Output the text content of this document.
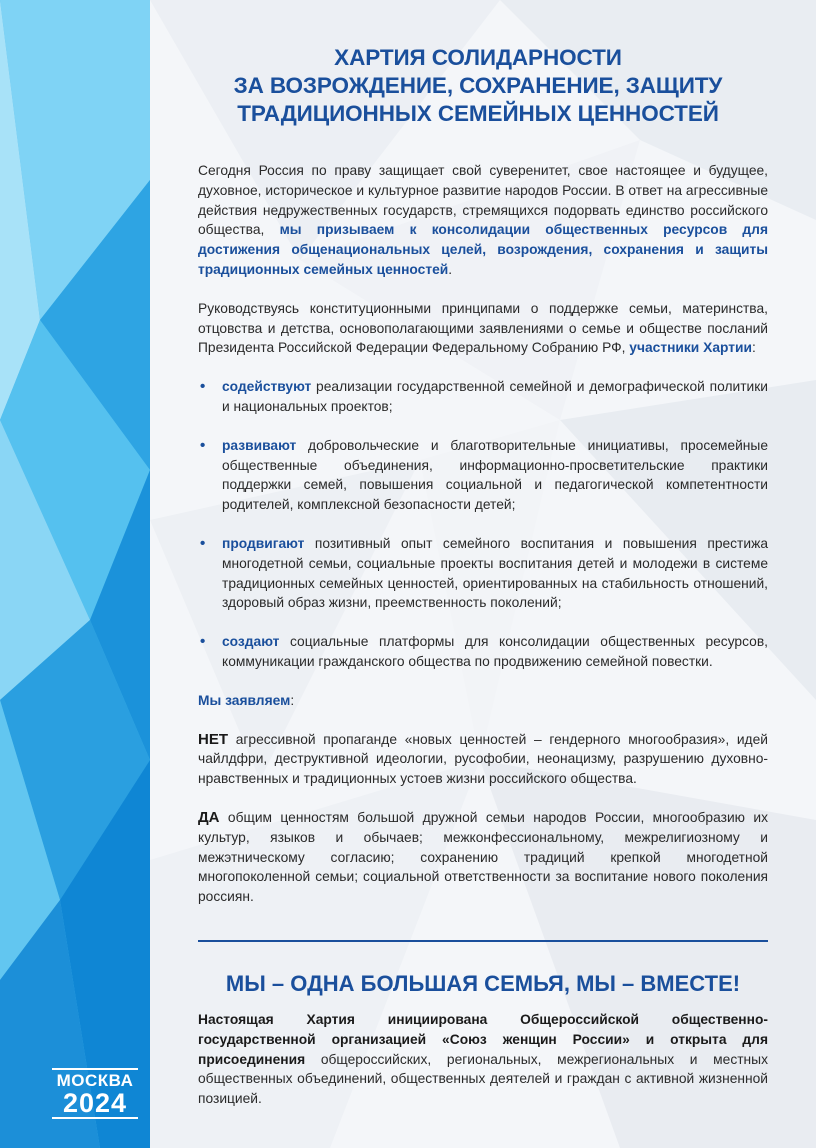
МОСКВА
2024
ХАРТИЯ СОЛИДАРНОСТИ
ЗА ВОЗРОЖДЕНИЕ, СОХРАНЕНИЕ, ЗАЩИТУ
ТРАДИЦИОННЫХ СЕМЕЙНЫХ ЦЕННОСТЕЙ

Сегодня Россия по праву защищает свой суверенитет, свое настоящее и будущее, духовное, историческое и культурное развитие народов России. В ответ на агрессивные действия недружественных государств, стремящихся подорвать единство российского общества, мы призываем к консолидации общественных ресурсов для достижения общенациональных целей, возрождения, сохранения и защиты традиционных семейных ценностей.

Руководствуясь конституционными принципами о поддержке семьи, материнства, отцовства и детства, основополагающими заявлениями о семье и обществе посланий Президента Российской Федерации Федеральному Собранию РФ, участники Хартии:

• содействуют реализации государственной семейной и демографической политики и национальных проектов;
• развивают добровольческие и благотворительные инициативы, просемейные общественные объединения, информационно-просветительские практики поддержки семей, повышения социальной и педагогической компетентности родителей, комплексной безопасности детей;
• продвигают позитивный опыт семейного воспитания и повышения престижа многодетной семьи, социальные проекты воспитания детей и молодежи в системе традиционных семейных ценностей, ориентированных на стабильность отношений, здоровый образ жизни, преемственность поколений;
• создают социальные платформы для консолидации общественных ресурсов, коммуникации гражданского общества по продвижению семейной повестки.

Мы заявляем:

НЕТ агрессивной пропаганде «новых ценностей – гендерного многообразия», идей чайлдфри, деструктивной идеологии, русофобии, неонацизму, разрушению духовно-нравственных и традиционных устоев жизни российского общества.

ДА общим ценностям большой дружной семьи народов России, многообразию их культур, языков и обычаев; межконфессиональному, межрелигиозному и межэтническому согласию; сохранению традиций крепкой многодетной многопоколенной семьи; социальной ответственности за воспитание нового поколения россиян.

МЫ – ОДНА БОЛЬШАЯ СЕМЬЯ, МЫ – ВМЕСТЕ!

Настоящая Хартия инициирована Общероссийской общественно-государственной организацией «Союз женщин России» и открыта для присоединения общероссийских, региональных, межрегиональных и местных общественных объединений, общественных деятелей и граждан с активной жизненной позицией.
